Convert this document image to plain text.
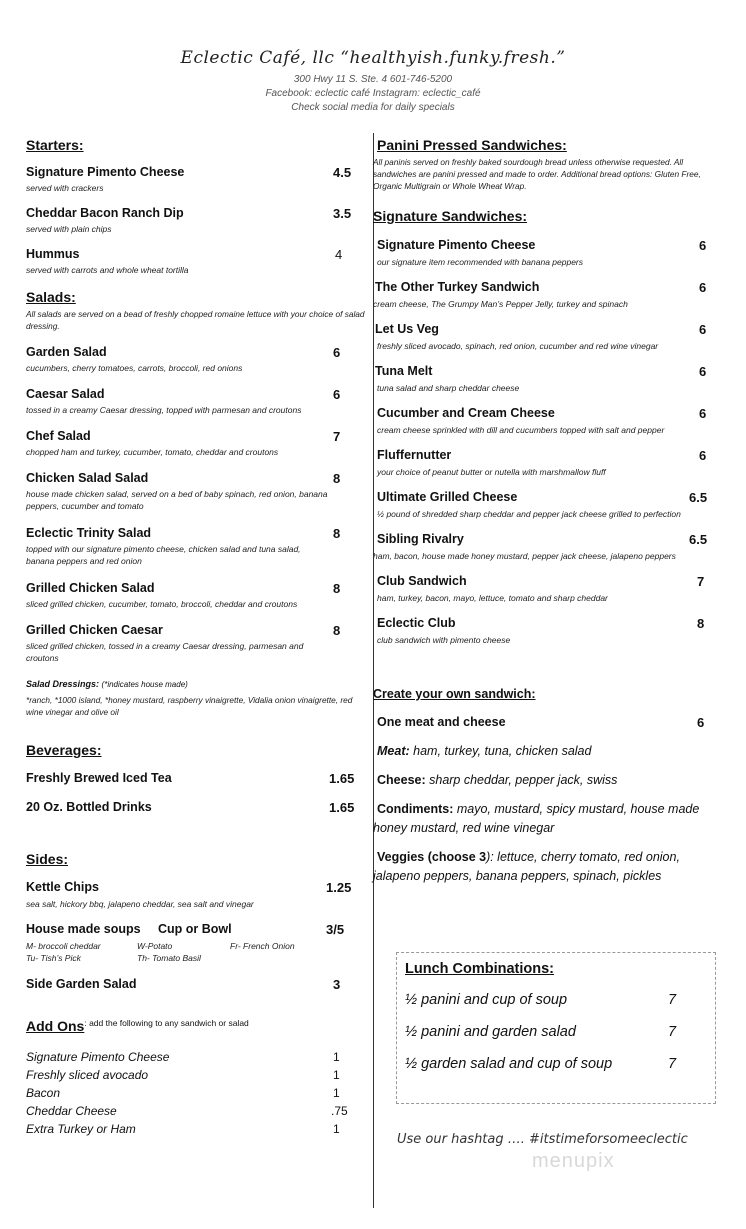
Eclectic Café, llc “healthyish.funky.fresh.”
300 Hwy 11 S. Ste. 4 601-746-5200
Facebook: eclectic café Instagram: eclectic_café
Check social media for daily specials
Starters:
Signature Pimento Cheese	4.5
served with crackers
Cheddar Bacon Ranch Dip	3.5
served with plain chips
Hummus	4
served with carrots and whole wheat tortilla
Salads:
All salads are served on a bead of freshly chopped romaine lettuce with your choice of salad dressing.
Garden Salad	6
cucumbers, cherry tomatoes, carrots, broccoli, red onions
Caesar Salad	6
tossed in a creamy Caesar dressing, topped with parmesan and croutons
Chef Salad	7
chopped ham and turkey, cucumber, tomato, cheddar and croutons
Chicken Salad Salad	8
house made chicken salad, served on a bed of baby spinach, red onion, banana peppers, cucumber and tomato
Eclectic Trinity Salad	8
topped with our signature pimento cheese, chicken salad and tuna salad, banana peppers and red onion
Grilled Chicken Salad	8
sliced grilled chicken, cucumber, tomato, broccoli, cheddar and croutons
Grilled Chicken Caesar	8
sliced grilled chicken, tossed in a creamy Caesar dressing, parmesan and croutons
Salad Dressings: (*indicates house made)
*ranch, *1000 island, *honey mustard, raspberry vinaigrette, Vidalia onion vinaigrette, red wine vinegar and olive oil
Beverages:
Freshly Brewed Iced Tea	1.65
20 Oz. Bottled Drinks	1.65
Sides:
Kettle Chips	1.25
sea salt, hickory bbq, jalapeno cheddar, sea salt and vinegar
House made soups Cup or Bowl	3/5
M- broccoli cheddar	W-Potato	Fr- French Onion
Tu- Tish’s Pick	Th- Tomato Basil
Side Garden Salad	3
Add Ons$^{: add the following to any sandwich or salad}$
Signature Pimento Cheese	1
Freshly sliced avocado	1
Bacon	1
Cheddar Cheese	.75
Extra Turkey or Ham	1
Panini Pressed Sandwiches:
All paninis served on freshly baked sourdough bread unless otherwise requested. All sandwiches are panini pressed and made to order. Additional bread options: Gluten Free, Organic Multigrain or Whole Wheat Wrap.
Signature Sandwiches:
Signature Pimento Cheese	6
our signature item recommended with banana peppers
The Other Turkey Sandwich	6
cream cheese, The Grumpy Man’s Pepper Jelly, turkey and spinach
Let Us Veg	6
freshly sliced avocado, spinach, red onion, cucumber and red wine vinegar
Tuna Melt	6
tuna salad and sharp cheddar cheese
Cucumber and Cream Cheese	6
cream cheese sprinkled with dill and cucumbers topped with salt and pepper
Fluffernutter	6
your choice of peanut butter or nutella with marshmallow fluff
Ultimate Grilled Cheese	6.5
½ pound of shredded sharp cheddar and pepper jack cheese grilled to perfection
Sibling Rivalry	6.5
ham, bacon, house made honey mustard, pepper jack cheese, jalapeno peppers
Club Sandwich	7
ham, turkey, bacon, mayo, lettuce, tomato and sharp cheddar
Eclectic Club	8
club sandwich with pimento cheese
Create your own sandwich:
One meat and cheese	6
Meat: ham, turkey, tuna, chicken salad
Cheese: sharp cheddar, pepper jack, swiss
Condiments: mayo, mustard, spicy mustard, house made honey mustard, red wine vinegar
Veggies (choose 3): lettuce, cherry tomato, red onion, jalapeno peppers, banana peppers, spinach, pickles
Lunch Combinations:
½ panini and cup of soup	7
½ panini and garden salad	7
½ garden salad and cup of soup	7
Use our hashtag …. #itstimeforsomeeclectic
menupix
